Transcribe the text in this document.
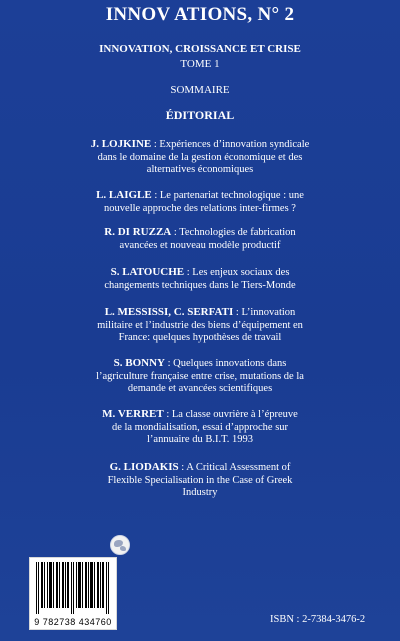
INNOV ATIONS, N° 2
INNOVATION, CROISSANCE ET CRISE
TOME 1
SOMMAIRE
ÉDITORIAL
J. LOJKINE : Expériences d’innovation syndicale
dans le domaine de la gestion économique et des
alternatives économiques
L. LAIGLE : Le partenariat technologique : une
nouvelle approche des relations inter-firmes ?
R. DI RUZZA : Technologies de fabrication
avancées et nouveau modèle productif
S. LATOUCHE : Les enjeux sociaux des
changements techniques dans le Tiers-Monde
L. MESSISSI, C. SERFATI : L’innovation
militaire et l’industrie des biens d’équipement en
France: quelques hypothèses de travail
S. BONNY : Quelques innovations dans
l’agriculture française entre crise, mutations de la
demande et avancées scientifiques
M. VERRET : La classe ouvrière à l’épreuve
de la mondialisation, essai d’approche sur
l’annuaire du B.I.T. 1993
G. LIODAKIS : A Critical Assessment of
Flexible Specialisation in the Case of Greek
Industry
9 782738 434760	ISBN : 2-7384-3476-2
